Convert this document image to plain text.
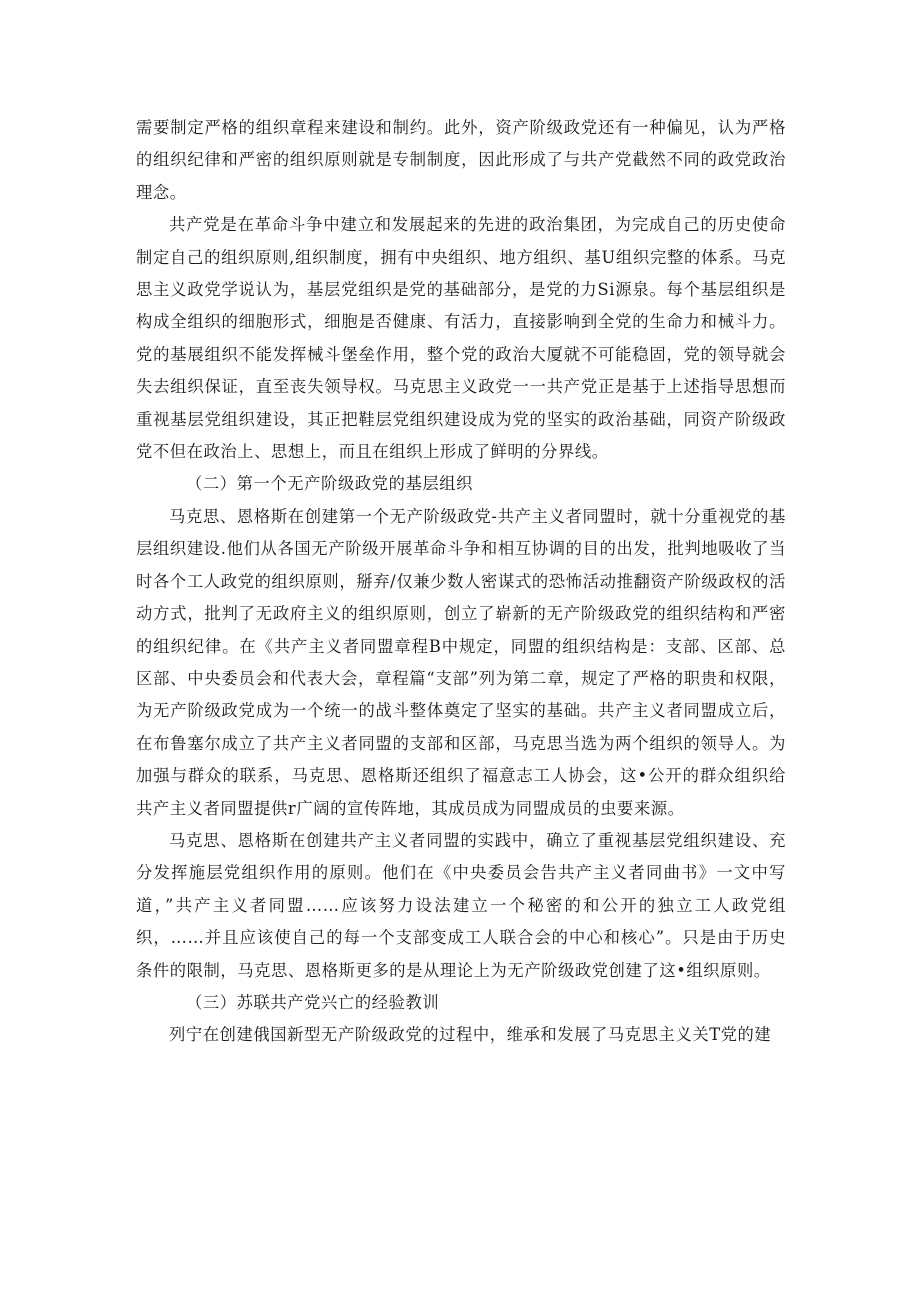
需要制定严格的组织章程来建设和制约。此外，资产阶级政党还有一种偏见，认为严格的组织纪律和严密的组织原则就是专制制度，因此形成了与共产党截然不同的政党政治理念。

共产党是在革命斗争中建立和发展起来的先进的政治集团，为完成自己的历史使命制定自己的组织原则,组织制度，拥有中央组织、地方组织、基U组织完整的体系。马克思主义政党学说认为，基层党组织是党的基础部分，是党的力Si源泉。每个基层组织是构成全组织的细胞形式，细胞是否健康、有活力，直接影响到全党的生命力和械斗力。党的基展组织不能发挥械斗堡垒作用，整个党的政治大厦就不可能稳固，党的领导就会失去组织保证，直至丧失领导权。马克思主义政党一一共产党正是基于上述指导思想而重视基层党组织建设，其正把鞋层党组织建设成为党的坚实的政治基础，同资产阶级政党不但在政治上、思想上，而且在组织上形成了鲜明的分界线。

（二）第一个无产阶级政党的基层组织

马克思、恩格斯在创建第一个无产阶级政党-共产主义者同盟时，就十分重视党的基层组织建设.他们从各国无产阶级开展革命斗争和相互协调的目的出发，批判地吸收了当时各个工人政党的组织原则，掰弃/仅兼少数人密谋式的恐怖活动推翻资产阶级政权的活动方式，批判了无政府主义的组织原则，创立了崭新的无产阶级政党的组织结构和严密的组织纪律。在《共产主义者同盟章程B中规定，同盟的组织结构是：支部、区部、总区部、中央委员会和代表大会，章程篇“支部”列为第二章，规定了严格的职贵和权限，为无产阶级政党成为一个统一的战斗整体奠定了坚实的基础。共产主义者同盟成立后，在布鲁塞尔成立了共产主义者同盟的支部和区部，马克思当选为两个组织的领导人。为加强与群众的联系，马克思、恩格斯还组织了福意志工人协会，这•公开的群众组织给共产主义者同盟提供r广阔的宣传阵地，其成员成为同盟成员的虫要来源。

马克思、恩格斯在创建共产主义者同盟的实践中，确立了重视基层党组织建设、充分发挥施层党组织作用的原则。他们在《中央委员会告共产主义者同曲书》一文中写道，”共产主义者同盟……应该努力设法建立一个秘密的和公开的独立工人政党组织，……并且应该使自己的每一个支部变成工人联合会的中心和核心”。只是由于历史条件的限制，马克思、恩格斯更多的是从理论上为无产阶级政党创建了这•组织原则。

（三）苏联共产党兴亡的经验教训

列宁在创建俄国新型无产阶级政党的过程中，维承和发展了马克思主义关T党的建
